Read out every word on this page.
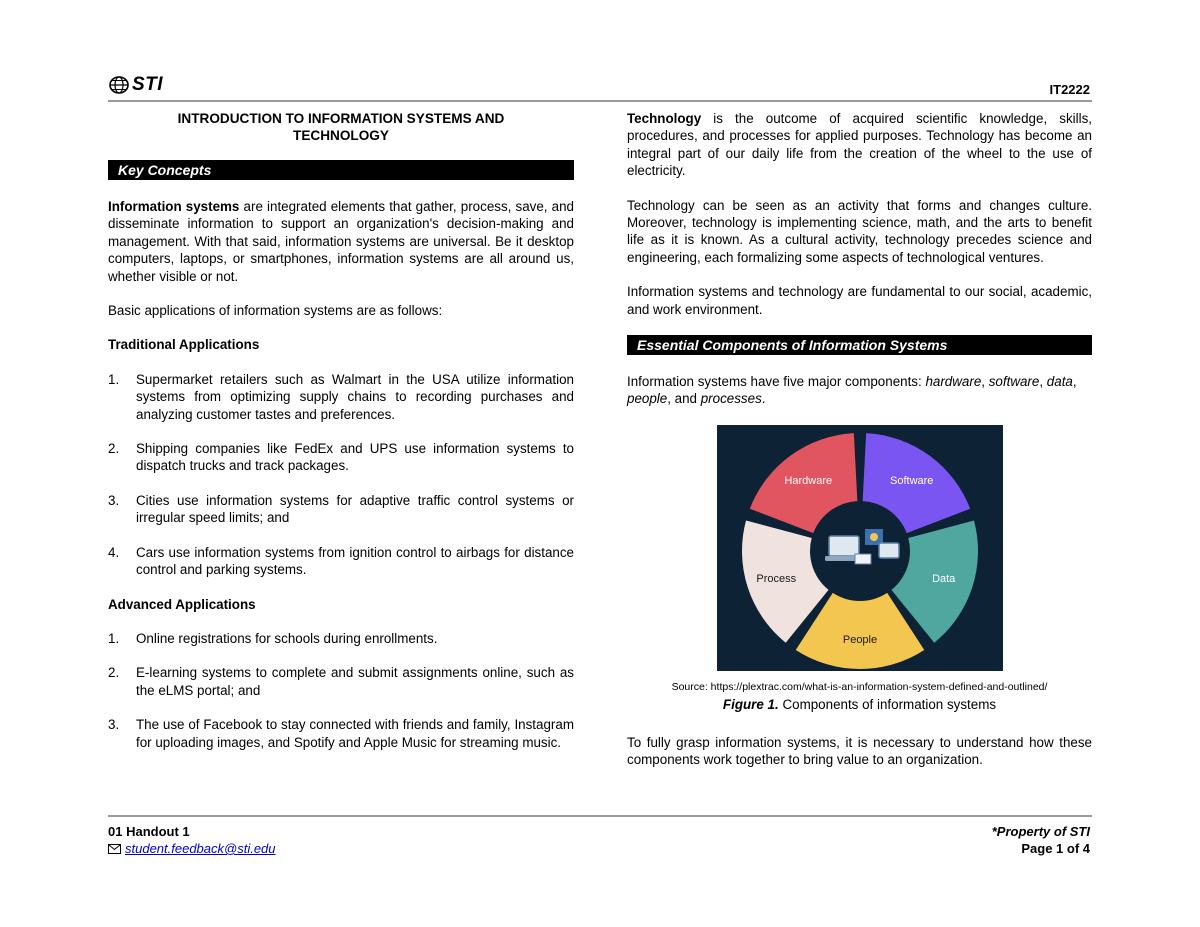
STI	IT2222
INTRODUCTION TO INFORMATION SYSTEMS AND
TECHNOLOGY
Key Concepts

Information systems are integrated elements that gather, process, save, and disseminate information to support an organization's decision-making and management. With that said, information systems are universal. Be it desktop computers, laptops, or smartphones, information systems are all around us, whether visible or not.

Basic applications of information systems are as follows:

Traditional Applications
1.	Supermarket retailers such as Walmart in the USA utilize information systems from optimizing supply chains to recording purchases and analyzing customer tastes and preferences.
2.	Shipping companies like FedEx and UPS use information systems to dispatch trucks and track packages.
3.	Cities use information systems for adaptive traffic control systems or irregular speed limits; and
4.	Cars use information systems from ignition control to airbags for distance control and parking systems.
Advanced Applications
1.	Online registrations for schools during enrollments.
2.	E-learning systems to complete and submit assignments online, such as the eLMS portal; and
3.	The use of Facebook to stay connected with friends and family, Instagram for uploading images, and Spotify and Apple Music for streaming music.

Technology is the outcome of acquired scientific knowledge, skills, procedures, and processes for applied purposes. Technology has become an integral part of our daily life from the creation of the wheel to the use of electricity.

Technology can be seen as an activity that forms and changes culture. Moreover, technology is implementing science, math, and the arts to benefit life as it is known. As a cultural activity, technology precedes science and engineering, each formalizing some aspects of technological ventures.

Information systems and technology are fundamental to our social, academic, and work environment.

Essential Components of Information Systems

Information systems have five major components: hardware, software, data, people, and processes.

Hardware	Software
Data
People
Process

Source: https://plextrac.com/what-is-an-information-system-defined-and-outlined/

Figure 1. Components of information systems

To fully grasp information systems, it is necessary to understand how these components work together to bring value to an organization.

01 Handout 1
student.feedback@sti.edu
*Property of STI
Page 1 of 4
